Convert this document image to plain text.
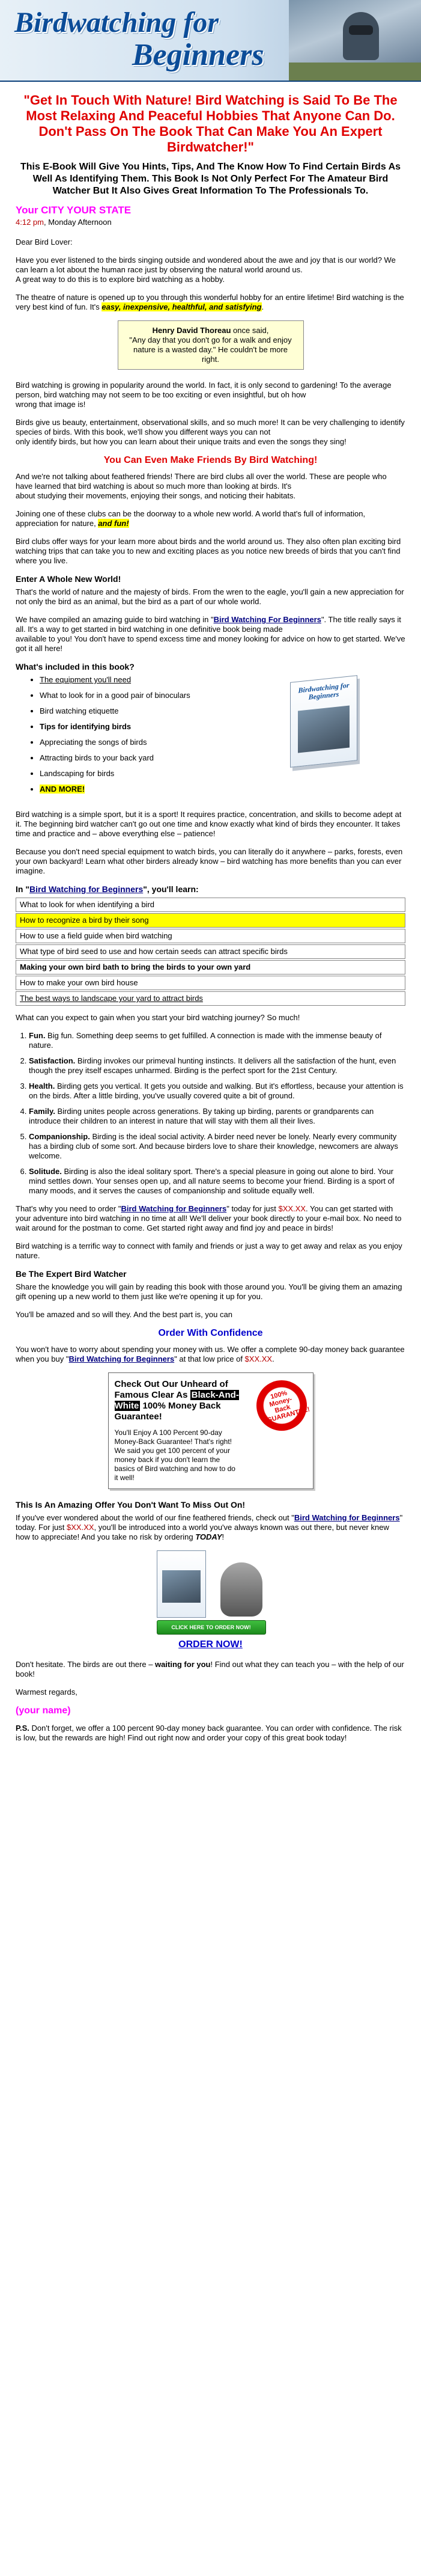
Birdwatching for
Beginners
"Get In Touch With Nature! Bird Watching is Said To Be The Most Relaxing And Peaceful Hobbies That Anyone Can Do. Don't Pass On The Book That Can Make You An Expert Birdwatcher!"
This E-Book Will Give You Hints, Tips, And The Know How To Find Certain Birds As Well As Identifying Them. This Book Is Not Only Perfect For The Amateur Bird Watcher But It Also Gives Great Information To The Professionals To.
Your CITY YOUR STATE
4:12 pm, Monday Afternoon

Dear Bird Lover:

Have you ever listened to the birds singing outside and wondered about the awe and joy that is our world? We can learn a lot about the human race just by observing the natural world around us.
A great way to do this is to explore bird watching as a hobby.

The theatre of nature is opened up to you through this wonderful hobby for an entire lifetime! Bird watching is the very best kind of fun. It's easy, inexpensive, healthful, and satisfying.

Henry David Thoreau once said,
"Any day that you don't go for a walk and enjoy nature is a wasted day." He couldn't be more right.

Bird watching is growing in popularity around the world. In fact, it is only second to gardening! To the average person, bird watching may not seem to be too exciting or even insightful, but oh how
wrong that image is!

Birds give us beauty, entertainment, observational skills, and so much more! It can be very challenging to identify species of birds. With this book, we'll show you different ways you can not
only identify birds, but how you can learn about their unique traits and even the songs they sing!

You Can Even Make Friends By Bird Watching!

And we're not talking about feathered friends! There are bird clubs all over the world. These are people who have learned that bird watching is about so much more than looking at birds. It's
about studying their movements, enjoying their songs, and noticing their habitats.

Joining one of these clubs can be the doorway to a whole new world. A world that's full of information, appreciation for nature, and fun!

Bird clubs offer ways for your learn more about birds and the world around us. They also often plan exciting bird watching trips that can take you to new and exciting places as you notice new breeds of birds that you can't find where you live.

Enter A Whole New World!

That's the world of nature and the majesty of birds. From the wren to the eagle, you'll gain a new appreciation for not only the bird as an animal, but the bird as a part of our whole world.

We have compiled an amazing guide to bird watching in "Bird Watching For Beginners". The title really says it all. It's a way to get started in bird watching in one definitive book being made
available to you! You don't have to spend excess time and money looking for advice on how to get started. We've got it all here!

What's included in this book?
• The equipment you'll need
• What to look for in a good pair of binoculars
• Bird watching etiquette
• Tips for identifying birds
• Appreciating the songs of birds
• Attracting birds to your back yard
• Landscaping for birds
• AND MORE!
Birdwatching for Beginners

Bird watching is a simple sport, but it is a sport! It requires practice, concentration, and skills to become adept at it. The beginning bird watcher can't go out one time and know exactly what kind of birds they encounter. It takes time and practice and – above everything else – patience!

Because you don't need special equipment to watch birds, you can literally do it anywhere – parks, forests, even your own backyard! Learn what other birders already know – bird watching has more benefits than you can ever imagine.

In "Bird Watching for Beginners", you'll learn:
What to look for when identifying a bird
How to recognize a bird by their song
How to use a field guide when bird watching
What type of bird seed to use and how certain seeds can attract specific birds
Making your own bird bath to bring the birds to your own yard
How to make your own bird house
The best ways to landscape your yard to attract birds

What can you expect to gain when you start your bird watching journey? So much!

1. Fun. Big fun. Something deep seems to get fulfilled. A connection is made with the immense beauty of nature.
2. Satisfaction. Birding invokes our primeval hunting instincts. It delivers all the satisfaction of the hunt, even though the prey itself escapes unharmed. Birding is the perfect sport for the 21st Century.
3. Health. Birding gets you vertical. It gets you outside and walking. But it's effortless, because your attention is on the birds. After a little birding, you've usually covered quite a bit of ground.
4. Family. Birding unites people across generations. By taking up birding, parents or grandparents can introduce their children to an interest in nature that will stay with them all their lives.
5. Companionship. Birding is the ideal social activity. A birder need never be lonely. Nearly every community has a birding club of some sort. And because birders love to share their knowledge, newcomers are always welcome.
6. Solitude. Birding is also the ideal solitary sport. There's a special pleasure in going out alone to bird. Your mind settles down. Your senses open up, and all nature seems to become your friend. Birding is a sport of many moods, and it serves the causes of companionship and solitude equally well.

That's why you need to order "Bird Watching for Beginners" today for just $XX.XX. You can get started with your adventure into bird watching in no time at all! We'll deliver your book directly to your e-mail box. No need to wait around for the postman to come. Get started right away and find joy and peace in birds!

Bird watching is a terrific way to connect with family and friends or just a way to get away and relax as you enjoy nature.

Be The Expert Bird Watcher

Share the knowledge you will gain by reading this book with those around you. You'll be giving them an amazing gift opening up a new world to them just like we're opening it up for you.

You'll be amazed and so will they. And the best part is, you can

Order With Confidence

You won't have to worry about spending your money with us. We offer a complete 90-day money back guarantee when you buy "Bird Watching for Beginners" at that low price of $XX.XX.

Check Out Our Unheard of Famous Clear As Black-And-White 100% Money Back Guarantee!
100% Money-Back GUARANTEE!
You'll Enjoy A 100 Percent 90-day Money-Back Guarantee! That's right! We said you get 100 percent of your money back if you don't learn the basics of Bird watching and how to do it well!
This Is An Amazing Offer You Don't Want To Miss Out On!

If you've ever wondered about the world of our fine feathered friends, check out "Bird Watching for Beginners" today. For just $XX.XX, you'll be introduced into a world you've always known was out there, but never knew how to appreciate! And you take no risk by ordering TODAY!

CLICK HERE TO ORDER NOW!
ORDER NOW!

Don't hesitate. The birds are out there – waiting for you! Find out what they can teach you – with the help of our book!

Warmest regards,

(your name)

P.S. Don't forget, we offer a 100 percent 90-day money back guarantee. You can order with confidence. The risk is low, but the rewards are high! Find out right now and order your copy of this great book today!
